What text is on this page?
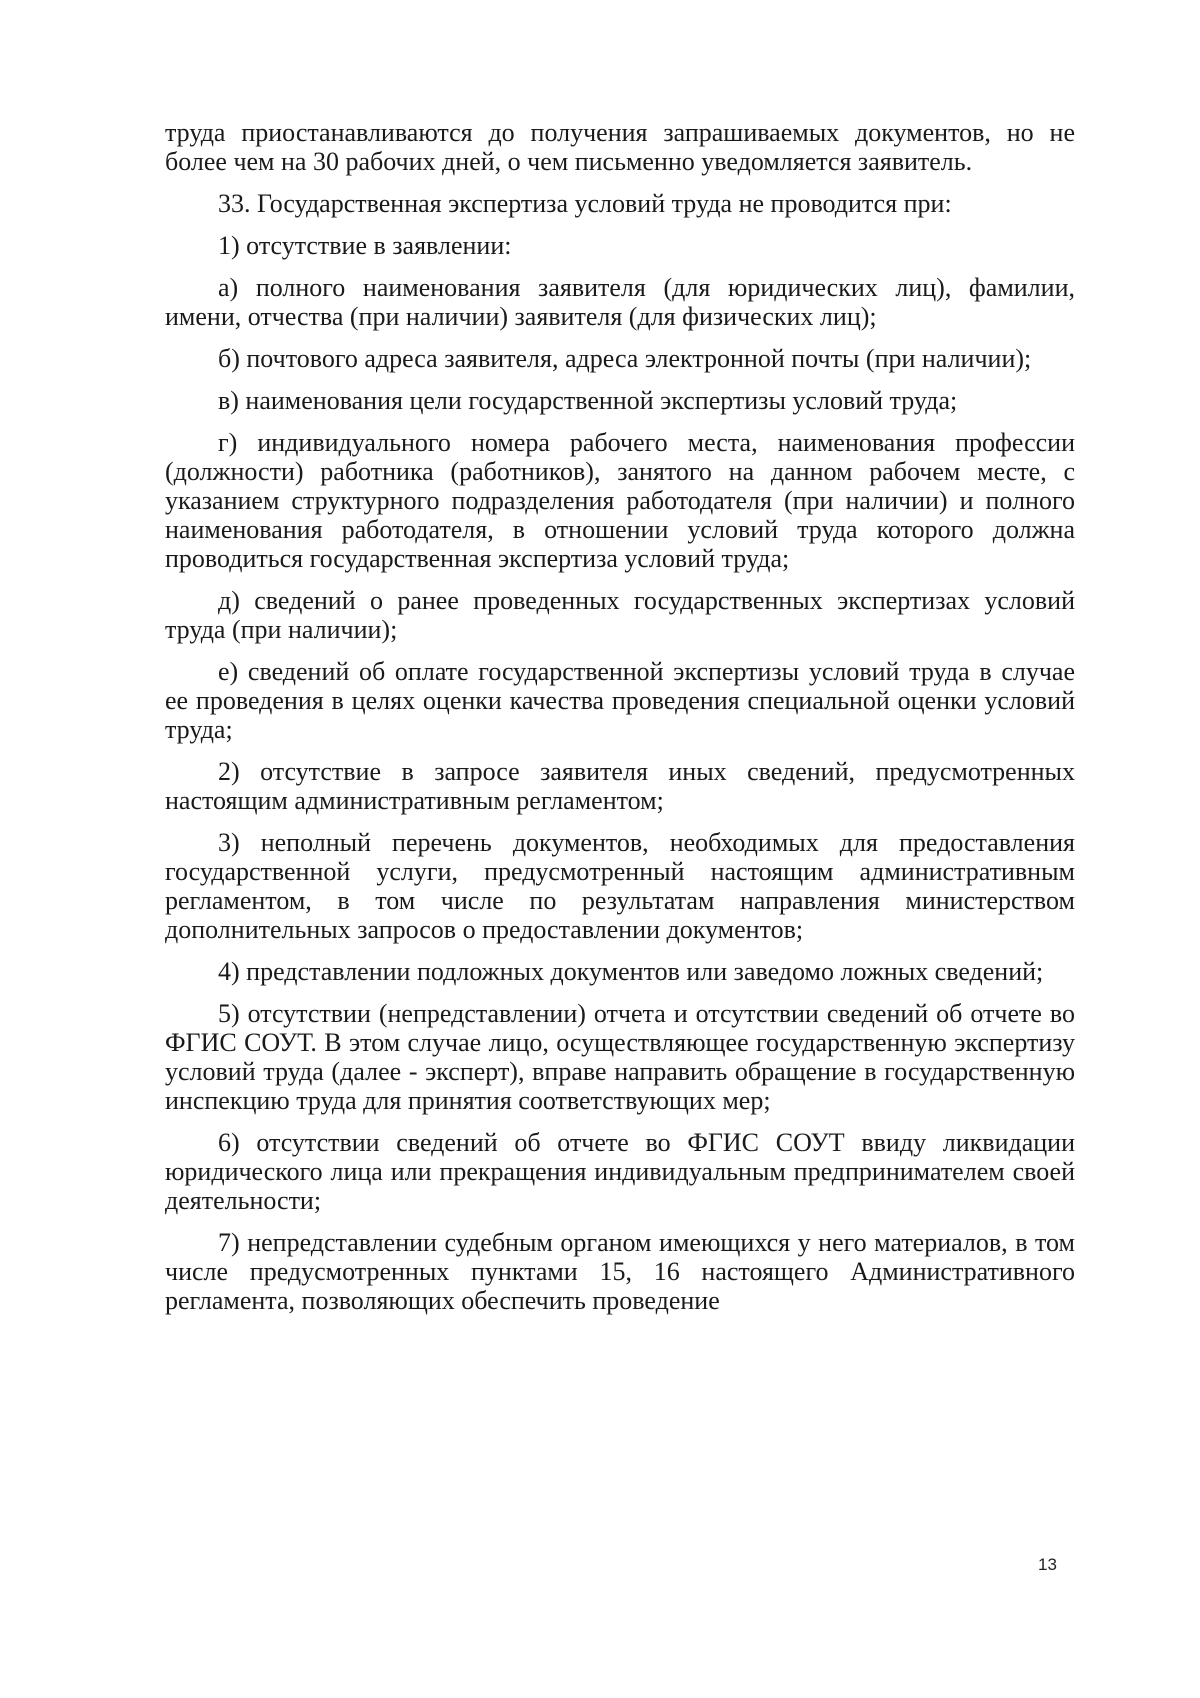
труда приостанавливаются до получения запрашиваемых документов, но не более чем на 30 рабочих дней, о чем письменно уведомляется заявитель.

33. Государственная экспертиза условий труда не проводится при:

1) отсутствие в заявлении:

а) полного наименования заявителя (для юридических лиц), фамилии, имени, отчества (при наличии) заявителя (для физических лиц);

б) почтового адреса заявителя, адреса электронной почты (при наличии);

в) наименования цели государственной экспертизы условий труда;

г) индивидуального номера рабочего места, наименования профессии (должности) работника (работников), занятого на данном рабочем месте, с указанием структурного подразделения работодателя (при наличии) и полного наименования работодателя, в отношении условий труда которого должна проводиться государственная экспертиза условий труда;

д) сведений о ранее проведенных государственных экспертизах условий труда (при наличии);

е) сведений об оплате государственной экспертизы условий труда в случае ее проведения в целях оценки качества проведения специальной оценки условий труда;

2) отсутствие в запросе заявителя иных сведений, предусмотренных настоящим административным регламентом;

3) неполный перечень документов, необходимых для предоставления государственной услуги, предусмотренный настоящим административным регламентом, в том числе по результатам направления министерством дополнительных запросов о предоставлении документов;

4) представлении подложных документов или заведомо ложных сведений;

5) отсутствии (непредставлении) отчета и отсутствии сведений об отчете во ФГИС СОУТ. В этом случае лицо, осуществляющее государственную экспертизу условий труда (далее - эксперт), вправе направить обращение в государственную инспекцию труда для принятия соответствующих мер;

6) отсутствии сведений об отчете во ФГИС СОУТ ввиду ликвидации юридического лица или прекращения индивидуальным предпринимателем своей деятельности;

7) непредставлении судебным органом имеющихся у него материалов, в том числе предусмотренных пунктами 15, 16 настоящего Административного регламента, позволяющих обеспечить проведение

13
